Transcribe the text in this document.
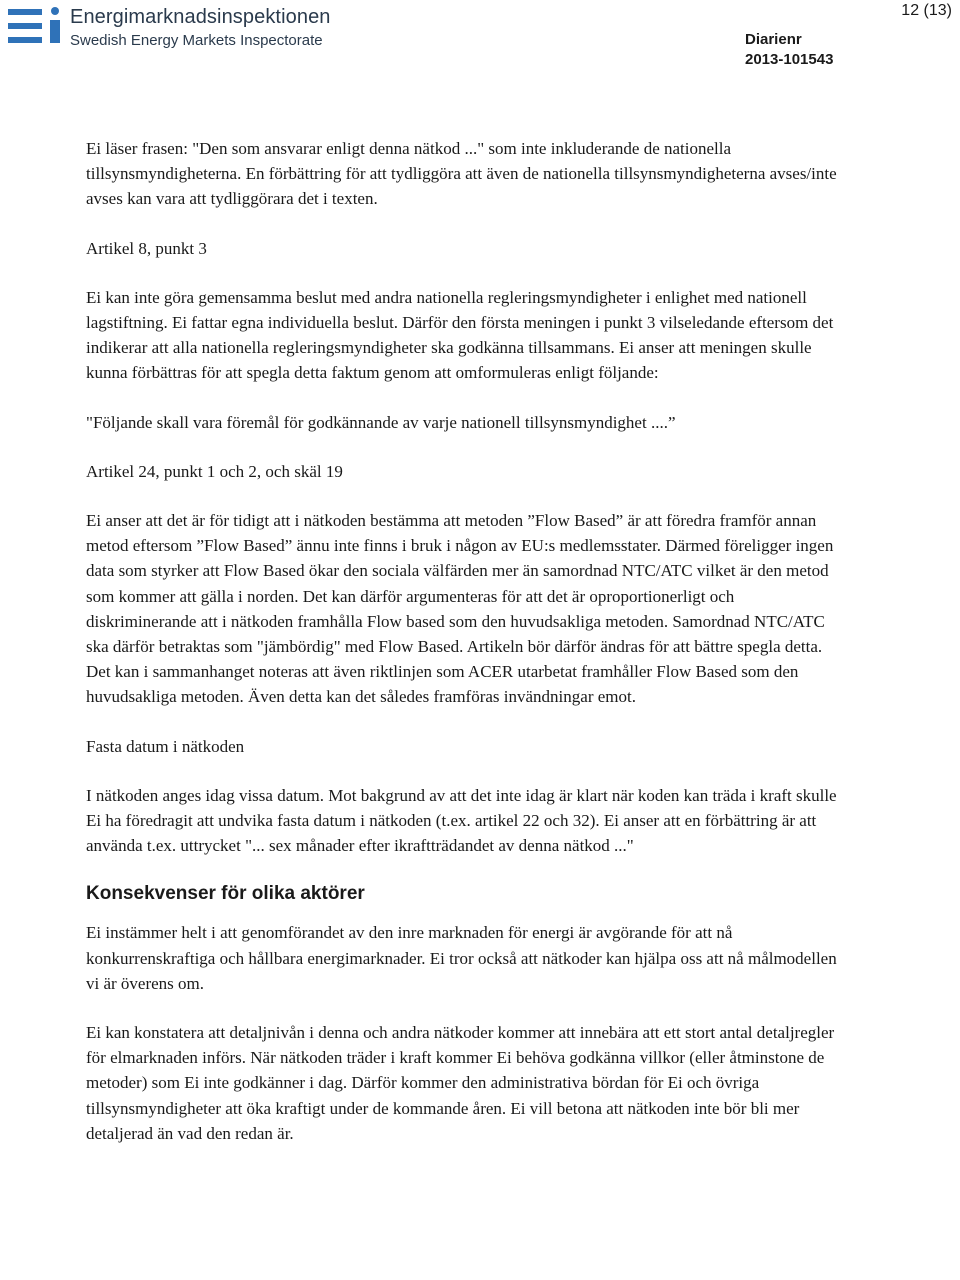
Energimarknadsinspektionen
Swedish Energy Markets Inspectorate	Diarienr
2013-101543
12 (13)

Ei läser frasen: "Den som ansvarar enligt denna nätkod ..." som inte inkluderande de nationella tillsynsmyndigheterna. En förbättring för att tydliggöra att även de nationella tillsynsmyndigheterna avses/inte avses kan vara att tydliggörara det i texten.

Artikel 8, punkt 3

Ei kan inte göra gemensamma beslut med andra nationella regleringsmyndigheter i enlighet med nationell lagstiftning. Ei fattar egna individuella beslut. Därför den första meningen i punkt 3 vilseledande eftersom det indikerar att alla nationella regleringsmyndigheter ska godkänna tillsammans. Ei anser att meningen skulle kunna förbättras för att spegla detta faktum genom att omformuleras enligt följande:

"Följande skall vara föremål för godkännande av varje nationell tillsynsmyndighet ....”

Artikel 24, punkt 1 och 2, och skäl 19

Ei anser att det är för tidigt att i nätkoden bestämma att metoden ”Flow Based” är att föredra framför annan metod eftersom ”Flow Based” ännu inte finns i bruk i någon av EU:s medlemsstater. Därmed föreligger ingen data som styrker att Flow Based ökar den sociala välfärden mer än samordnad NTC/ATC vilket är den metod som kommer att gälla i norden. Det kan därför argumenteras för att det är oproportionerligt och diskriminerande att i nätkoden framhålla Flow based som den huvudsakliga metoden. Samordnad NTC/ATC ska därför betraktas som "jämbördig" med Flow Based. Artikeln bör därför ändras för att bättre spegla detta. Det kan i sammanhanget noteras att även riktlinjen som ACER utarbetat framhåller Flow Based som den huvudsakliga metoden. Även detta kan det således framföras invändningar emot.

Fasta datum i nätkoden

I nätkoden anges idag vissa datum. Mot bakgrund av att det inte idag är klart när koden kan träda i kraft skulle Ei ha föredragit att undvika fasta datum i nätkoden (t.ex. artikel 22 och 32). Ei anser att en förbättring är att använda t.ex. uttrycket "... sex månader efter ikraftträdandet av denna nätkod ..."

Konsekvenser för olika aktörer

Ei instämmer helt i att genomförandet av den inre marknaden för energi är avgörande för att nå konkurrenskraftiga och hållbara energimarknader. Ei tror också att nätkoder kan hjälpa oss att nå målmodellen vi är överens om.

Ei kan konstatera att detaljnivån i denna och andra nätkoder kommer att innebära att ett stort antal detaljregler för elmarknaden införs. När nätkoden träder i kraft kommer Ei behöva godkänna villkor (eller åtminstone de metoder) som Ei inte godkänner i dag. Därför kommer den administrativa bördan för Ei och övriga tillsynsmyndigheter att öka kraftigt under de kommande åren. Ei vill betona att nätkoden inte bör bli mer detaljerad än vad den redan är.
